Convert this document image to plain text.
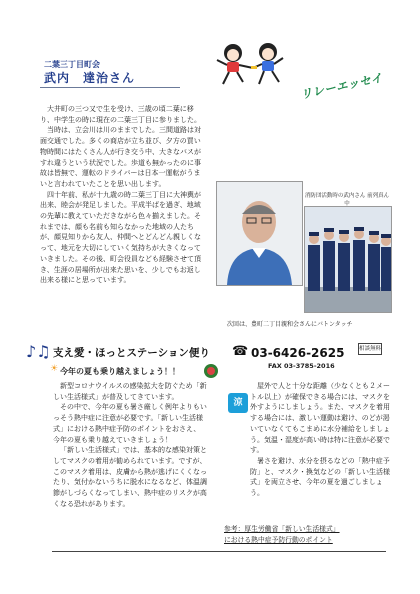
二葉三丁目町会
武内　達治さん	リレーエッセイ

大井町の三つ又で生を受け、三歳の頃二葉に移り、中学生の時に現在の二葉三丁目に参りました。

当時は、立会川は川のままでした。三間道路は対面交通でした。多くの商店が立ち並び、夕方の買い物時間にはたくさん人が行き交う中、大きなバスがすれ違うという状況でした。歩道も無かったのに事故は皆無で、運転のドライバーは日本一運転がうまいと言われていたことを思い出します。

四十年前、私が十九歳の時二葉三丁目に大神輿が出来、睦会が発足しました。平成半ばを過ぎ、地域の先輩に教えていただきながら色々揃えました。それまでは、顔も名前も知らなかった地域の人たちが、顔見知りから友人、仲間へとどんどん親しくなって、地元を大切にしていく気持ちが大きくなっていきました。その後、町会役員なども経験させて頂き、生涯の居場所が出来た思いを、少しでもお返し出来る様にと思っています。

消防団活動時の武内さん 前列真ん中
次回は、豊町二丁目親和会さんにバトンタッチ
♪♫ 支え愛・ほっとステーション便り ☎ 03-6426-2625
FAX 03-3785-2016
相談無料
☀ 今年の夏も乗り越えましょう！！

新型コロナウイルスの感染拡大を防ぐため「新しい生活様式」が普及してきています。

その中で、今年の夏も暑さ厳しく例年よりもいっそう熱中症に注意が必要です。「新しい生活様式」における熱中症予防のポイントをおさえ、今年の夏も乗り越えていきましょう！

「新しい生活様式」では、基本的な感染対策としてマスクの着用が勧められています。ですが、このマスク着用は、皮膚から熱が逃げにくくなったり、気付かないうちに脱水になるなど、体温調節がしづらくなってしまい、熱中症のリスクが高くなる恐れがあります。

涼

屋外で人と十分な距離（少なくとも２メートル以上）が確保できる場合には、マスクを外すようにしましょう。また、マスクを着用する場合には、激しい運動は避け、のどが渇いていなくてもこまめに水分補給をしましょう。気温・湿度が高い時は特に注意が必要です。

暑さを避け、水分を摂るなどの「熱中症予防」と、マスク・換気などの「新しい生活様式」を両立させ、今年の夏を過ごしましょう。

参考：厚生労働省「新しい生活様式」
における熱中症予防行動のポイント
